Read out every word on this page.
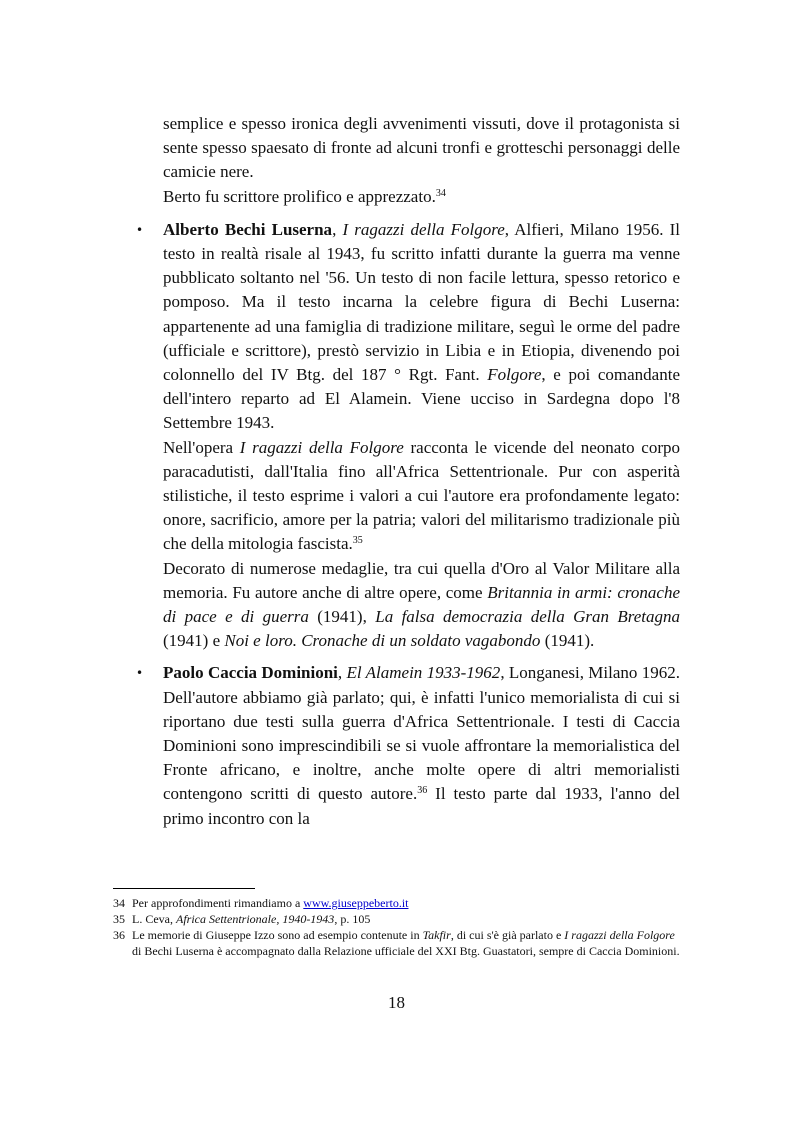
semplice e spesso ironica degli avvenimenti vissuti, dove il protagonista si sente spesso spaesato di fronte ad alcuni tronfi e grotteschi personaggi delle camicie nere.
Berto fu scrittore prolifico e apprezzato.$^{34}$

• Alberto Bechi Luserna, I ragazzi della Folgore, Alfieri, Milano 1956. Il testo in realtà risale al 1943, fu scritto infatti durante la guerra ma venne pubblicato soltanto nel '56. Un testo di non facile lettura, spesso retorico e pomposo. Ma il testo incarna la celebre figura di Bechi Luserna: appartenente ad una famiglia di tradizione militare, seguì le orme del padre (ufficiale e scrittore), prestò servizio in Libia e in Etiopia, divenendo poi colonnello del IV Btg. del 187 ° Rgt. Fant. Folgore, e poi comandante dell'intero reparto ad El Alamein. Viene ucciso in Sardegna dopo l'8 Settembre 1943.

Nell'opera I ragazzi della Folgore racconta le vicende del neonato corpo paracadutisti, dall'Italia fino all'Africa Settentrionale. Pur con asperità stilistiche, il testo esprime i valori a cui l'autore era profondamente legato: onore, sacrificio, amore per la patria; valori del militarismo tradizionale più che della mitologia fascista.$^{35}$

Decorato di numerose medaglie, tra cui quella d'Oro al Valor Militare alla memoria. Fu autore anche di altre opere, come Britannia in armi: cronache di pace e di guerra (1941), La falsa democrazia della Gran Bretagna (1941) e Noi e loro. Cronache di un soldato vagabondo (1941).

• Paolo Caccia Dominioni, El Alamein 1933-1962, Longanesi, Milano 1962. Dell'autore abbiamo già parlato; qui, è infatti l'unico memorialista di cui si riportano due testi sulla guerra d'Africa Settentrionale. I testi di Caccia Dominioni sono imprescindibili se si vuole affrontare la memorialistica del Fronte africano, e inoltre, anche molte opere di altri memorialisti contengono scritti di questo autore.$^{36}$ Il testo parte dal 1933, l'anno del primo incontro con la

34 Per approfondimenti rimandiamo a www.giuseppeberto.it

35 L. Ceva, Africa Settentrionale, 1940-1943, p. 105

36 Le memorie di Giuseppe Izzo sono ad esempio contenute in Takfir, di cui s'è già parlato e I ragazzi della Folgore di Bechi Luserna è accompagnato dalla Relazione ufficiale del XXI Btg. Guastatori, sempre di Caccia Dominioni.

18
